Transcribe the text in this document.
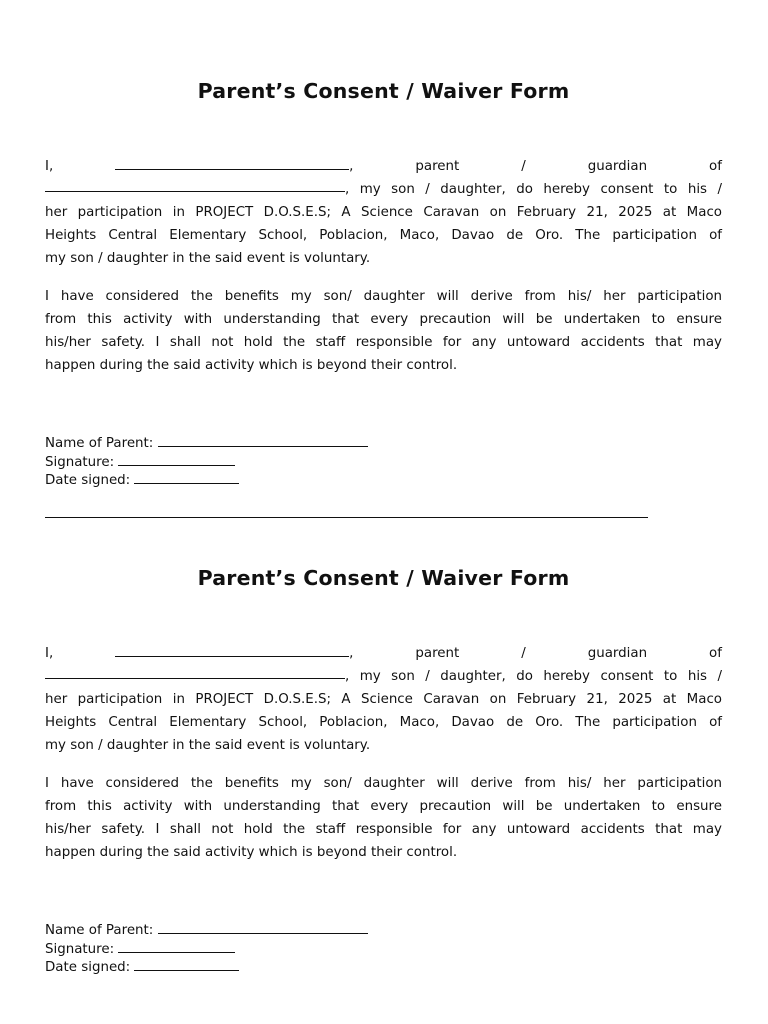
Parent’s Consent / Waiver Form
I,	,	parent	/	guardian	of
, my son / daughter, do hereby consent to his /
her participation in PROJECT D.O.S.E.S; A Science Caravan on February 21, 2025 at Maco
Heights Central Elementary School, Poblacion, Maco, Davao de Oro. The participation of
my son / daughter in the said event is voluntary.
I have considered the benefits my son/ daughter will derive from his/ her participation
from this activity with understanding that every precaution will be undertaken to ensure
his/her safety. I shall not hold the staff responsible for any untoward accidents that may
happen during the said activity which is beyond their control.
Name of Parent:
Signature:
Date signed:
Parent’s Consent / Waiver Form
I,	,	parent	/	guardian	of
, my son / daughter, do hereby consent to his /
her participation in PROJECT D.O.S.E.S; A Science Caravan on February 21, 2025 at Maco
Heights Central Elementary School, Poblacion, Maco, Davao de Oro. The participation of
my son / daughter in the said event is voluntary.
I have considered the benefits my son/ daughter will derive from his/ her participation
from this activity with understanding that every precaution will be undertaken to ensure
his/her safety. I shall not hold the staff responsible for any untoward accidents that may
happen during the said activity which is beyond their control.
Name of Parent:
Signature:
Date signed:
